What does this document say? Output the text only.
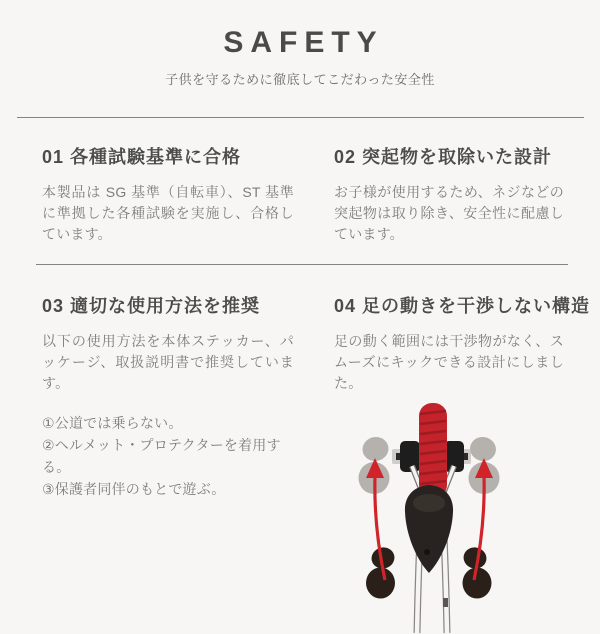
SAFETY

子供を守るために徹底してこだわった安全性

01 各種試験基準に合格

本製品は SG 基準（自転車）、ST 基準に準拠した各種試験を実施し、合格しています。

02 突起物を取除いた設計

お子様が使用するため、ネジなどの突起物は取り除き、安全性に配慮しています。

03 適切な使用方法を推奨

以下の使用方法を本体ステッカー、パッケージ、取扱説明書で推奨しています。

①公道では乗らない。
②ヘルメット・プロテクターを着用する。
③保護者同伴のもとで遊ぶ。
04 足の動きを干渉しない構造

足の動く範囲には干渉物がなく、スムーズにキックできる設計にしました。
